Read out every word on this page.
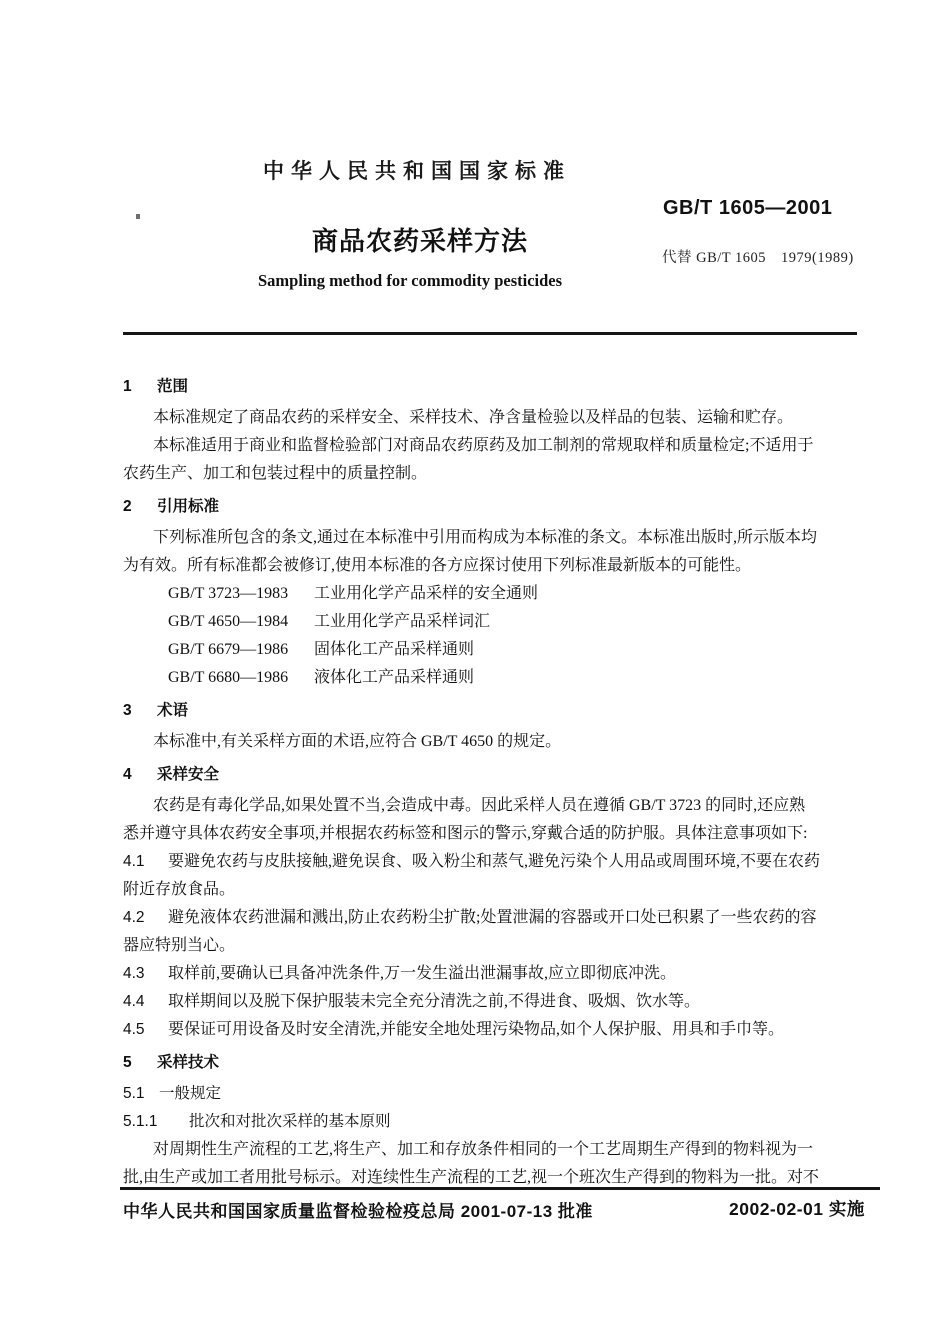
中华人民共和国国家标准
GB/T 1605—2001
商品农药采样方法
代替 GB/T 1605　1979(1989)
Sampling method for commodity pesticides
1 范围
本标准规定了商品农药的采样安全、采样技术、净含量检验以及样品的包装、运输和贮存。
本标准适用于商业和监督检验部门对商品农药原药及加工制剂的常规取样和质量检定;不适用于
农药生产、加工和包装过程中的质量控制。
2 引用标准
下列标准所包含的条文,通过在本标准中引用而构成为本标准的条文。本标准出版时,所示版本均
为有效。所有标准都会被修订,使用本标准的各方应探讨使用下列标准最新版本的可能性。
GB/T 3723—1983 工业用化学产品采样的安全通则
GB/T 4650—1984 工业用化学产品采样词汇
GB/T 6679—1986 固体化工产品采样通则
GB/T 6680—1986 液体化工产品采样通则
3 术语
本标准中,有关采样方面的术语,应符合 GB/T 4650 的规定。
4 采样安全
农药是有毒化学品,如果处置不当,会造成中毒。因此采样人员在遵循 GB/T 3723 的同时,还应熟
悉并遵守具体农药安全事项,并根据农药标签和图示的警示,穿戴合适的防护服。具体注意事项如下:
4.1 要避免农药与皮肤接触,避免误食、吸入粉尘和蒸气,避免污染个人用品或周围环境,不要在农药
附近存放食品。
4.2 避免液体农药泄漏和溅出,防止农药粉尘扩散;处置泄漏的容器或开口处已积累了一些农药的容
器应特别当心。
4.3 取样前,要确认已具备冲洗条件,万一发生溢出泄漏事故,应立即彻底冲洗。
4.4 取样期间以及脱下保护服装未完全充分清洗之前,不得进食、吸烟、饮水等。
4.5 要保证可用设备及时安全清洗,并能安全地处理污染物品,如个人保护服、用具和手巾等。
5 采样技术
5.1 一般规定
5.1.1 批次和对批次采样的基本原则
对周期性生产流程的工艺,将生产、加工和存放条件相同的一个工艺周期生产得到的物料视为一
批,由生产或加工者用批号标示。对连续性生产流程的工艺,视一个班次生产得到的物料为一批。对不
中华人民共和国国家质量监督检验检疫总局 2001-07-13 批准	2002-02-01 实施
